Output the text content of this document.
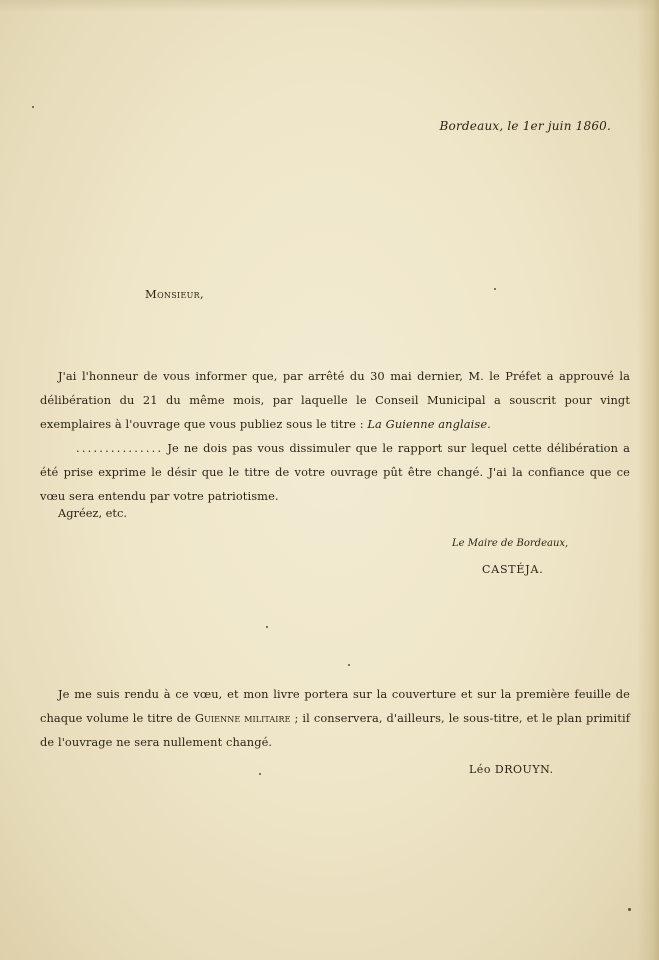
Bordeaux, le 1er juin 1860.
Monsieur,
J'ai l'honneur de vous informer que, par arrêté du 30 mai dernier, M. le Préfet a approuvé la délibération du 21 du même mois, par laquelle le Conseil Municipal a souscrit pour vingt exemplaires à l'ouvrage que vous publiez sous le titre : La Guienne anglaise.
............... Je ne dois pas vous dissimuler que le rapport sur lequel cette délibération a été prise exprime le désir que le titre de votre ouvrage pût être changé. J'ai la confiance que ce vœu sera entendu par votre patriotisme.
Agréez, etc.
Le Maire de Bordeaux,
CASTÉJA.
Je me suis rendu à ce vœu, et mon livre portera sur la couverture et sur la première feuille de chaque volume le titre de Guienne militaire ; il conservera, d'ailleurs, le sous-titre, et le plan primitif de l'ouvrage ne sera nullement changé.
Léo DROUYN.
